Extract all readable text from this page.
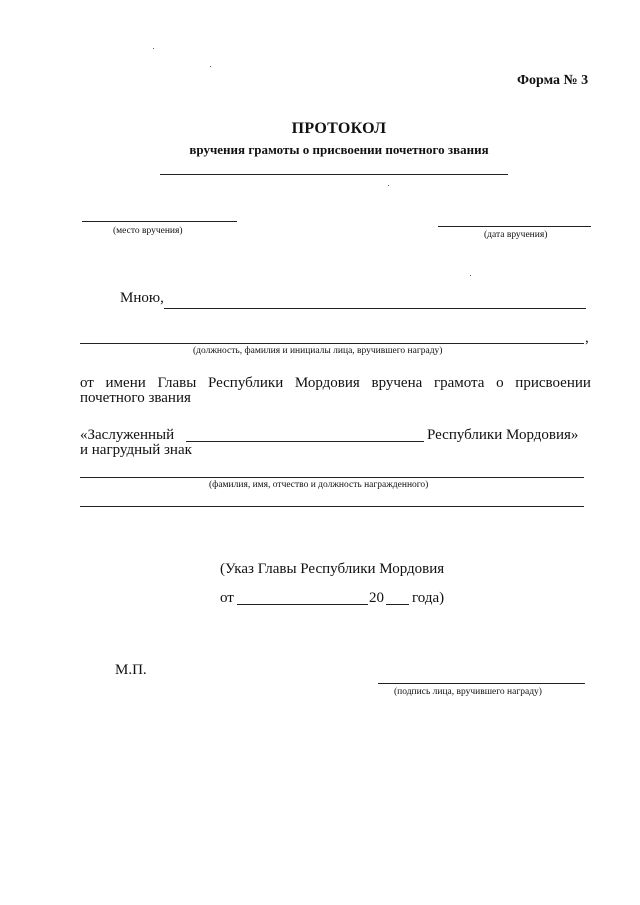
Форма № 3
ПРОТОКОЛ
вручения грамоты о присвоении почетного звания
(место вручения)	(дата вручения)
Мною,
,
(должность, фамилия и инициалы лица, вручившего награду)
от имени Главы Республики Мордовия вручена грамота о присвоении
почетного звания
«Заслуженный	Республики Мордовия»
и нагрудный знак
(фамилия, имя, отчество и должность награжденного)
(Указ Главы Республики Мордовия
от	20 года)
М.П.
(подпись лица, вручившего награду)
